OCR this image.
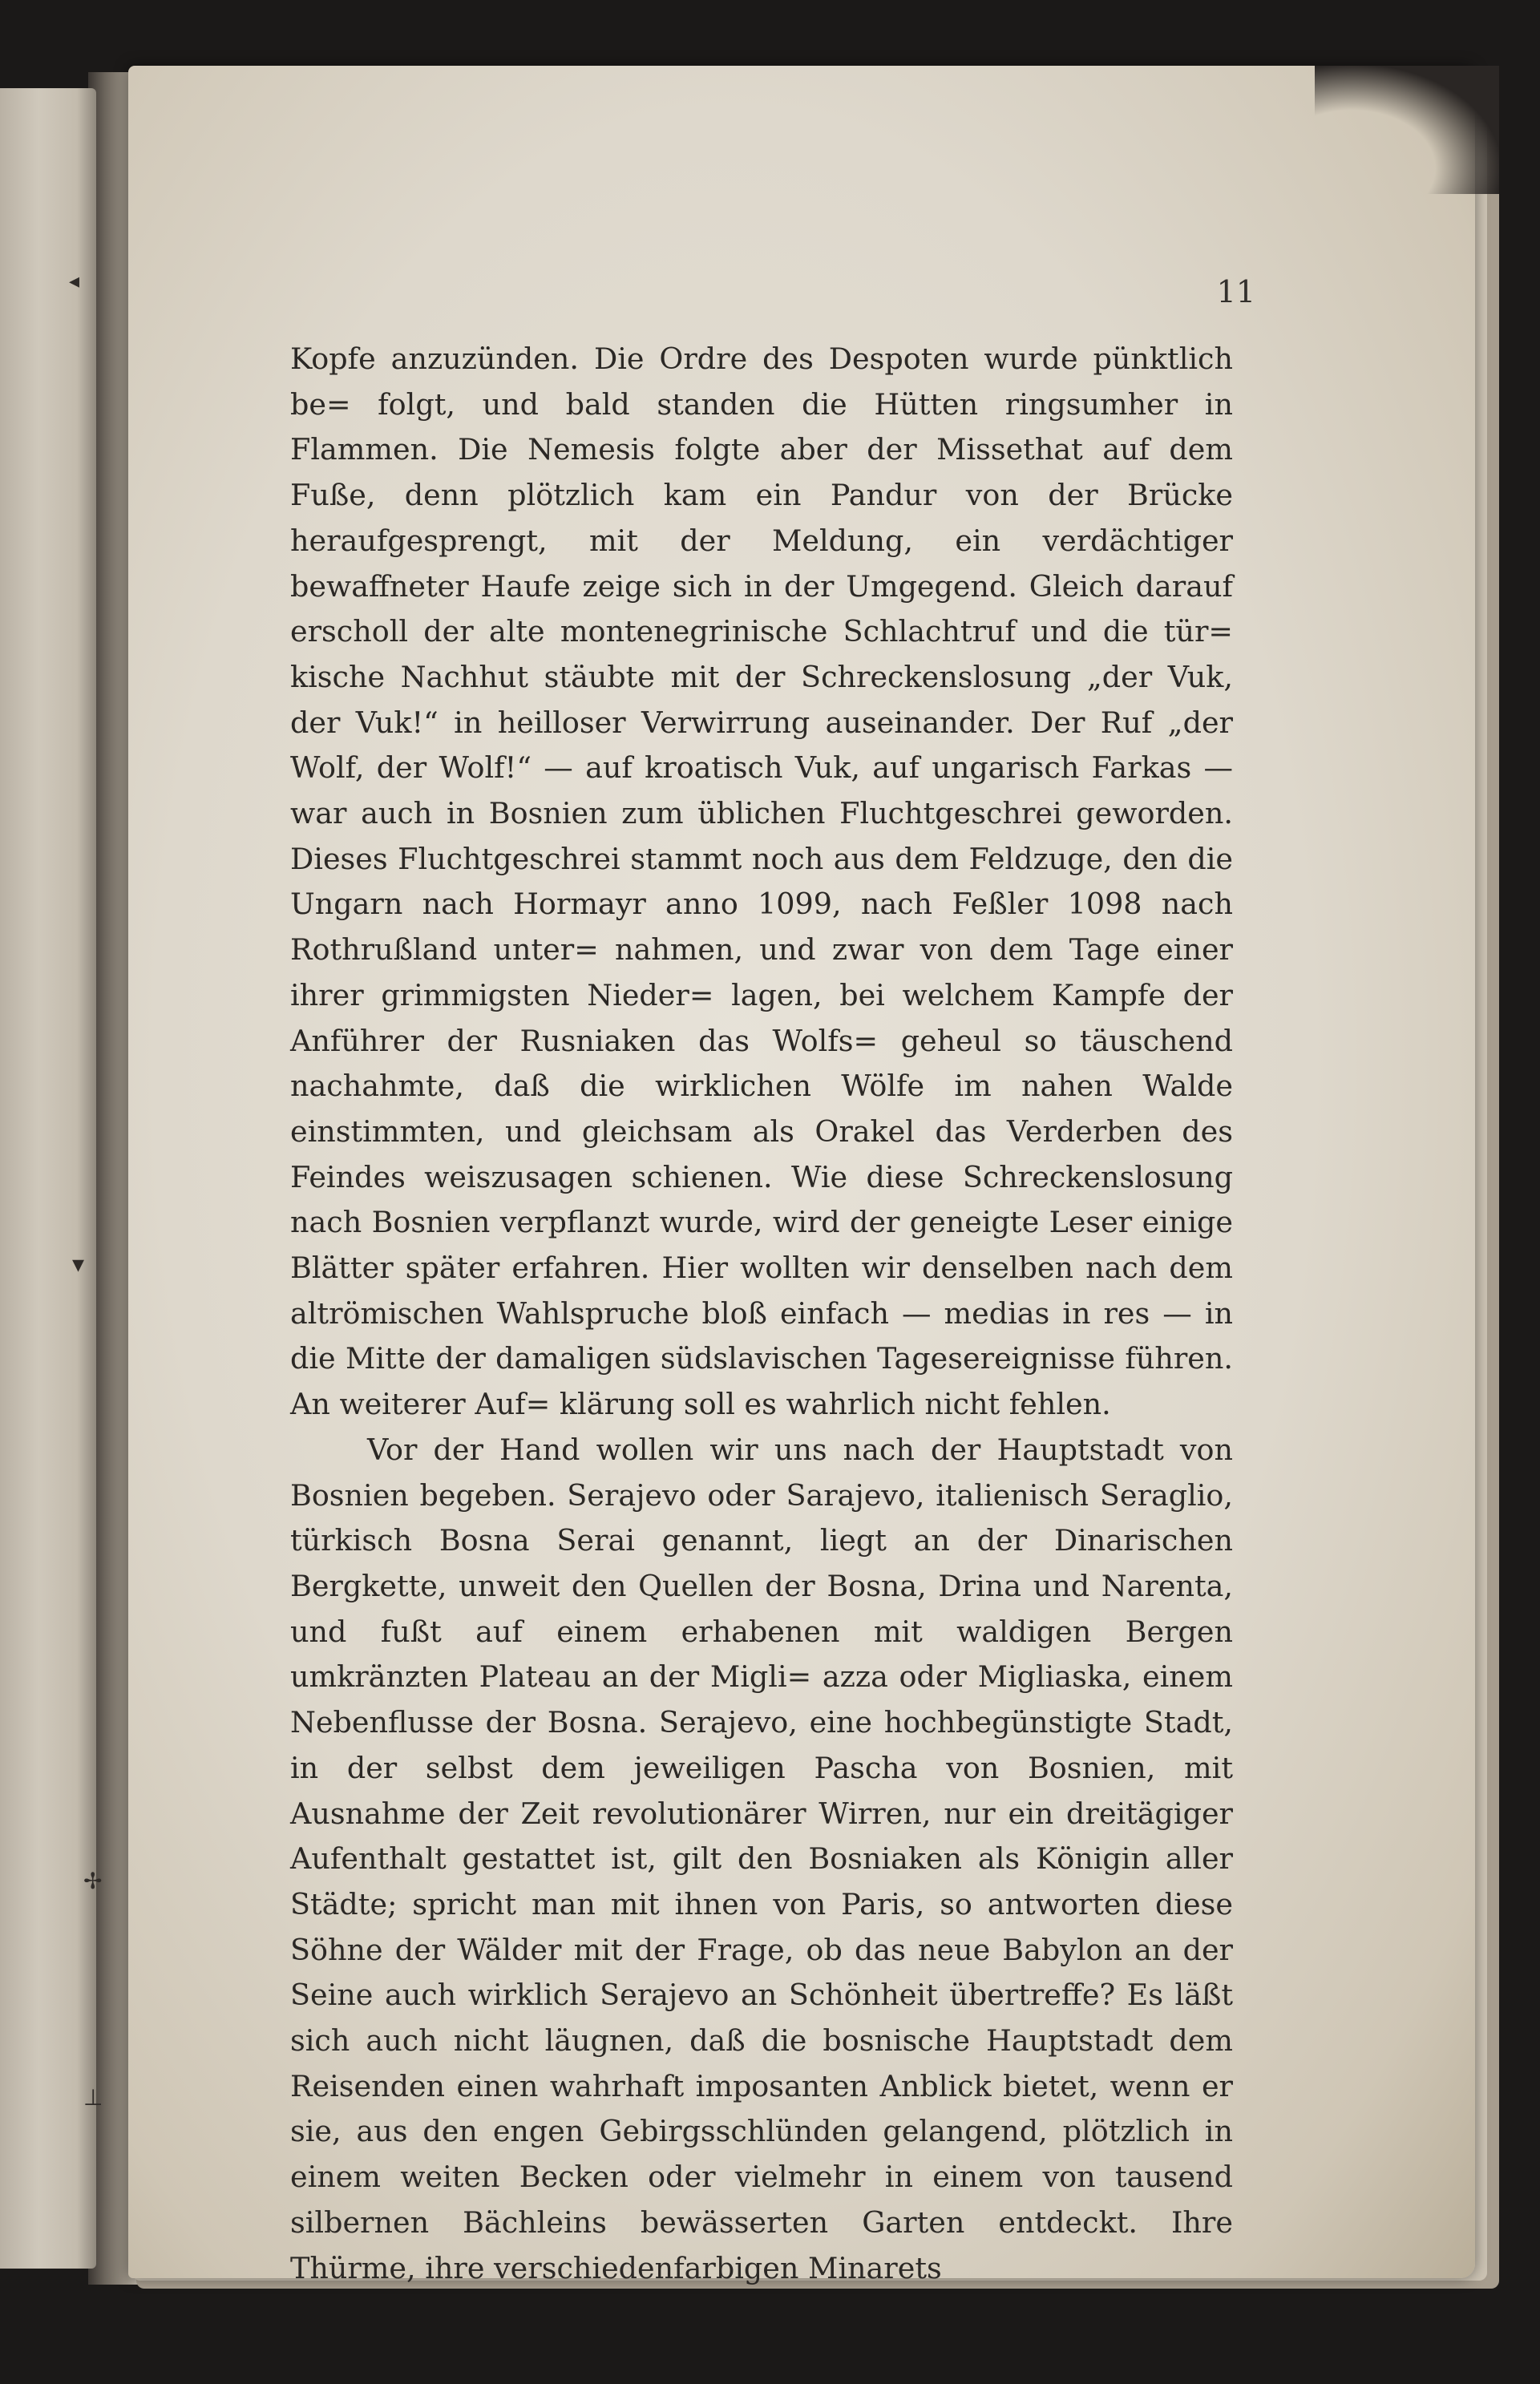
◂
▾
✢
⊥
11

Kopfe anzuzünden. Die Ordre des Despoten wurde pünktlich be= folgt, und bald standen die Hütten ringsumher in Flammen. Die Nemesis folgte aber der Missethat auf dem Fuße, denn plötzlich kam ein Pandur von der Brücke heraufgesprengt, mit der Meldung, ein verdächtiger bewaffneter Haufe zeige sich in der Umgegend. Gleich darauf erscholl der alte montenegrinische Schlachtruf und die tür= kische Nachhut stäubte mit der Schreckenslosung „der Vuk, der Vuk!“ in heilloser Verwirrung auseinander. Der Ruf „der Wolf, der Wolf!“ — auf kroatisch Vuk, auf ungarisch Farkas — war auch in Bosnien zum üblichen Fluchtgeschrei geworden. Dieses Fluchtgeschrei stammt noch aus dem Feldzuge, den die Ungarn nach Hormayr anno 1099, nach Feßler 1098 nach Rothrußland unter= nahmen, und zwar von dem Tage einer ihrer grimmigsten Nieder= lagen, bei welchem Kampfe der Anführer der Rusniaken das Wolfs= geheul so täuschend nachahmte, daß die wirklichen Wölfe im nahen Walde einstimmten, und gleichsam als Orakel das Verderben des Feindes weiszusagen schienen. Wie diese Schreckenslosung nach Bosnien verpflanzt wurde, wird der geneigte Leser einige Blätter später erfahren. Hier wollten wir denselben nach dem altrömischen Wahlspruche bloß einfach — medias in res — in die Mitte der damaligen südslavischen Tagesereignisse führen. An weiterer Auf= klärung soll es wahrlich nicht fehlen.

Vor der Hand wollen wir uns nach der Hauptstadt von Bosnien begeben. Serajevo oder Sarajevo, italienisch Seraglio, türkisch Bosna Serai genannt, liegt an der Dinarischen Bergkette, unweit den Quellen der Bosna, Drina und Narenta, und fußt auf einem erhabenen mit waldigen Bergen umkränzten Plateau an der Migli= azza oder Migliaska, einem Nebenflusse der Bosna. Serajevo, eine hochbegünstigte Stadt, in der selbst dem jeweiligen Pascha von Bosnien, mit Ausnahme der Zeit revolutionärer Wirren, nur ein dreitägiger Aufenthalt gestattet ist, gilt den Bosniaken als Königin aller Städte; spricht man mit ihnen von Paris, so antworten diese Söhne der Wälder mit der Frage, ob das neue Babylon an der Seine auch wirklich Serajevo an Schönheit übertreffe? Es läßt sich auch nicht läugnen, daß die bosnische Hauptstadt dem Reisenden einen wahrhaft imposanten Anblick bietet, wenn er sie, aus den engen Gebirgsschlünden gelangend, plötzlich in einem weiten Becken oder vielmehr in einem von tausend silbernen Bächleins bewässerten Garten entdeckt. Ihre Thürme, ihre verschiedenfarbigen Minarets
